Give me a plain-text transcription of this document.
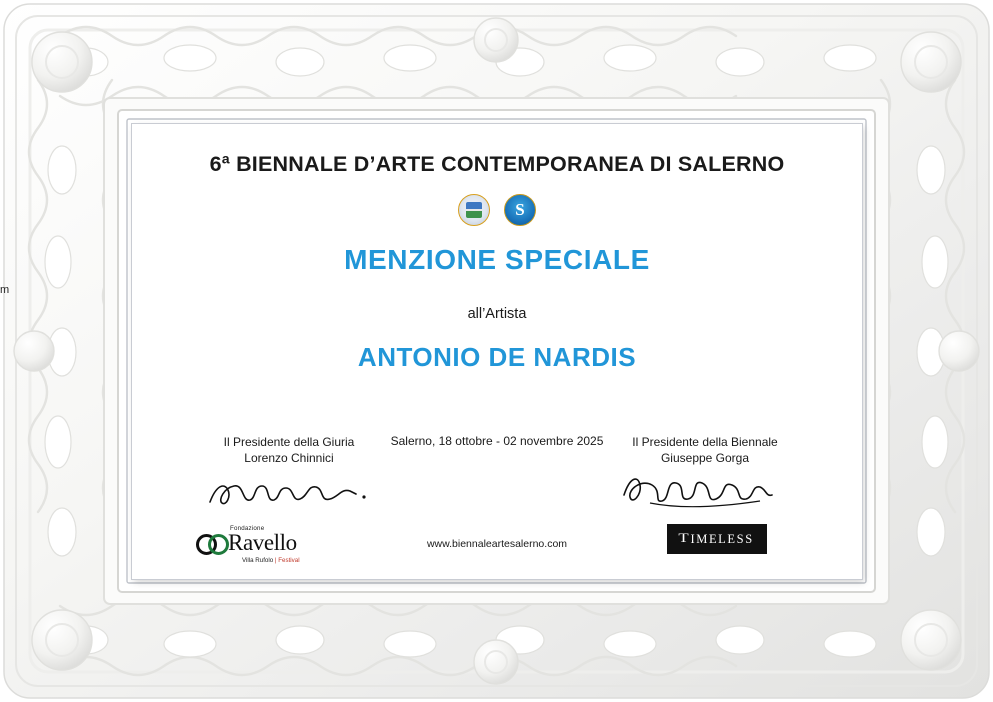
m
6ª BIENNALE D’ARTE CONTEMPORANEA DI SALERNO
S
MENZIONE SPECIALE
all’Artista
ANTONIO DE NARDIS
Il Presidente della Giuria
Lorenzo Chinnici
Salerno, 18 ottobre - 02 novembre 2025	Il Presidente della Biennale
Giuseppe Gorga
Fondazione
Ravello
Villa Rufolo | Festival
www.biennaleartesalerno.com	T IMELESS
